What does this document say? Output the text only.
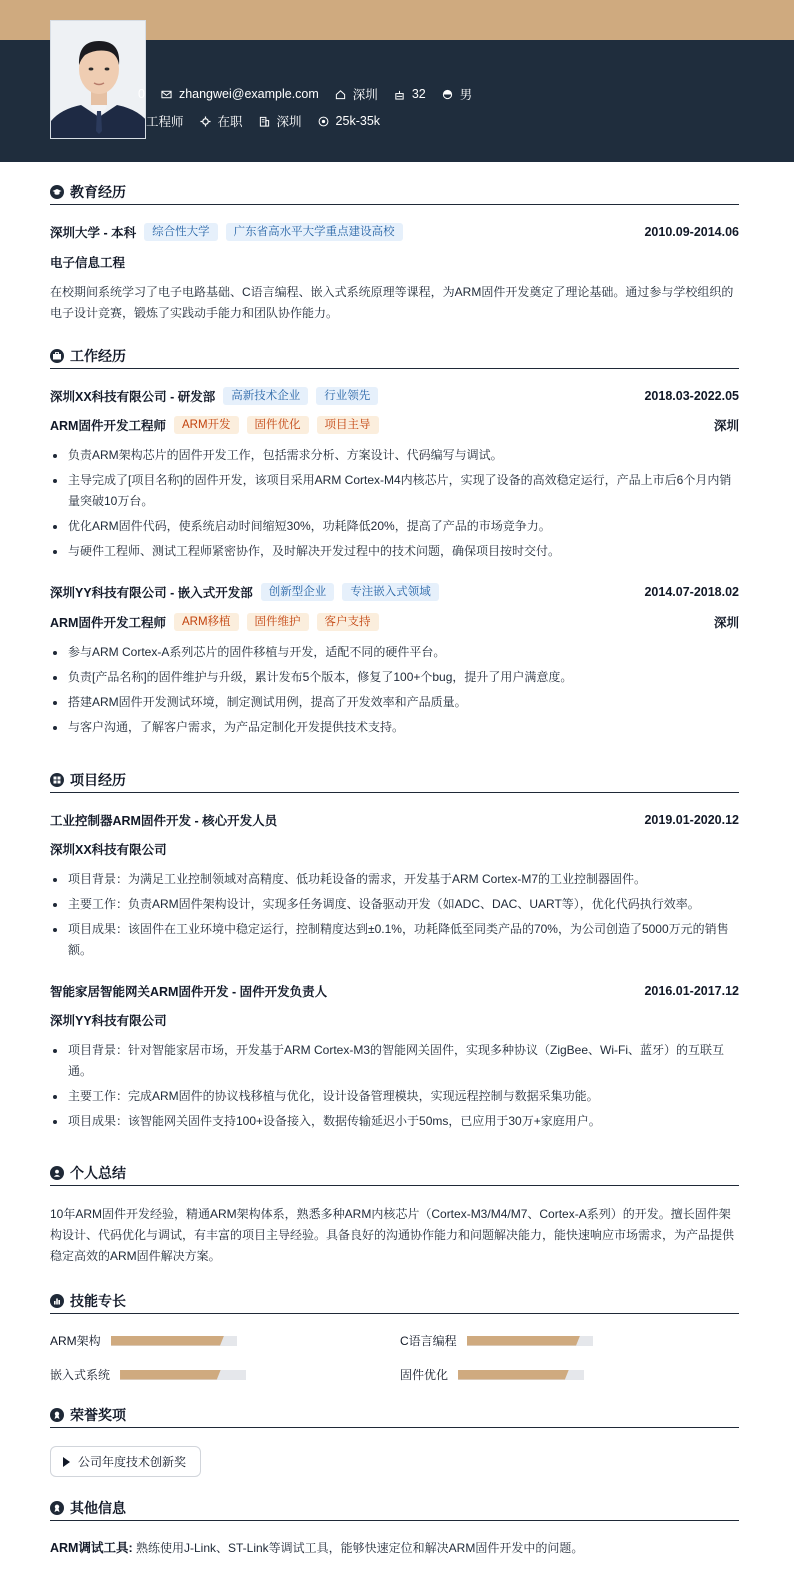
0	zhangwei@example.com	深圳	32	男
工程师	在职	深圳	25k-35k
教育经历
深圳大学 - 本科	综合性大学	广东省高水平大学重点建设高校	2010.09-2014.06
电子信息工程
在校期间系统学习了电子电路基础、C语言编程、嵌入式系统原理等课程，为ARM固件开发奠定了理论基础。通过参与学校组织的电子设计竞赛，锻炼了实践动手能力和团队协作能力。
工作经历
深圳XX科技有限公司 - 研发部	高新技术企业	行业领先	2018.03-2022.05
ARM固件开发工程师	ARM开发	固件优化	项目主导	深圳
负责ARM架构芯片的固件开发工作，包括需求分析、方案设计、代码编写与调试。
主导完成了[项目名称]的固件开发，该项目采用ARM Cortex-M4内核芯片，实现了设备的高效稳定运行，产品上市后6个月内销量突破10万台。
优化ARM固件代码，使系统启动时间缩短30%，功耗降低20%，提高了产品的市场竞争力。
与硬件工程师、测试工程师紧密协作，及时解决开发过程中的技术问题，确保项目按时交付。
深圳YY科技有限公司 - 嵌入式开发部	创新型企业	专注嵌入式领域	2014.07-2018.02
ARM固件开发工程师	ARM移植	固件维护	客户支持	深圳
参与ARM Cortex-A系列芯片的固件移植与开发，适配不同的硬件平台。
负责[产品名称]的固件维护与升级，累计发布5个版本，修复了100+个bug，提升了用户满意度。
搭建ARM固件开发测试环境，制定测试用例，提高了开发效率和产品质量。
与客户沟通，了解客户需求，为产品定制化开发提供技术支持。
项目经历
工业控制器ARM固件开发 - 核心开发人员	2019.01-2020.12
深圳XX科技有限公司
项目背景：为满足工业控制领域对高精度、低功耗设备的需求，开发基于ARM Cortex-M7的工业控制器固件。
主要工作：负责ARM固件架构设计，实现多任务调度、设备驱动开发（如ADC、DAC、UART等），优化代码执行效率。
项目成果：该固件在工业环境中稳定运行，控制精度达到±0.1%，功耗降低至同类产品的70%，为公司创造了5000万元的销售额。
智能家居智能网关ARM固件开发 - 固件开发负责人	2016.01-2017.12
深圳YY科技有限公司
项目背景：针对智能家居市场，开发基于ARM Cortex-M3的智能网关固件，实现多种协议（ZigBee、Wi-Fi、蓝牙）的互联互通。
主要工作：完成ARM固件的协议栈移植与优化，设计设备管理模块，实现远程控制与数据采集功能。
项目成果：该智能网关固件支持100+设备接入，数据传输延迟小于50ms，已应用于30万+家庭用户。
个人总结
10年ARM固件开发经验，精通ARM架构体系，熟悉多种ARM内核芯片（Cortex-M3/M4/M7、Cortex-A系列）的开发。擅长固件架构设计、代码优化与调试，有丰富的项目主导经验。具备良好的沟通协作能力和问题解决能力，能快速响应市场需求，为产品提供稳定高效的ARM固件解决方案。
技能专长
ARM架构	C语言编程
嵌入式系统	固件优化
荣誉奖项
公司年度技术创新奖
其他信息
ARM调试工具: 熟练使用J-Link、ST-Link等调试工具，能够快速定位和解决ARM固件开发中的问题。
